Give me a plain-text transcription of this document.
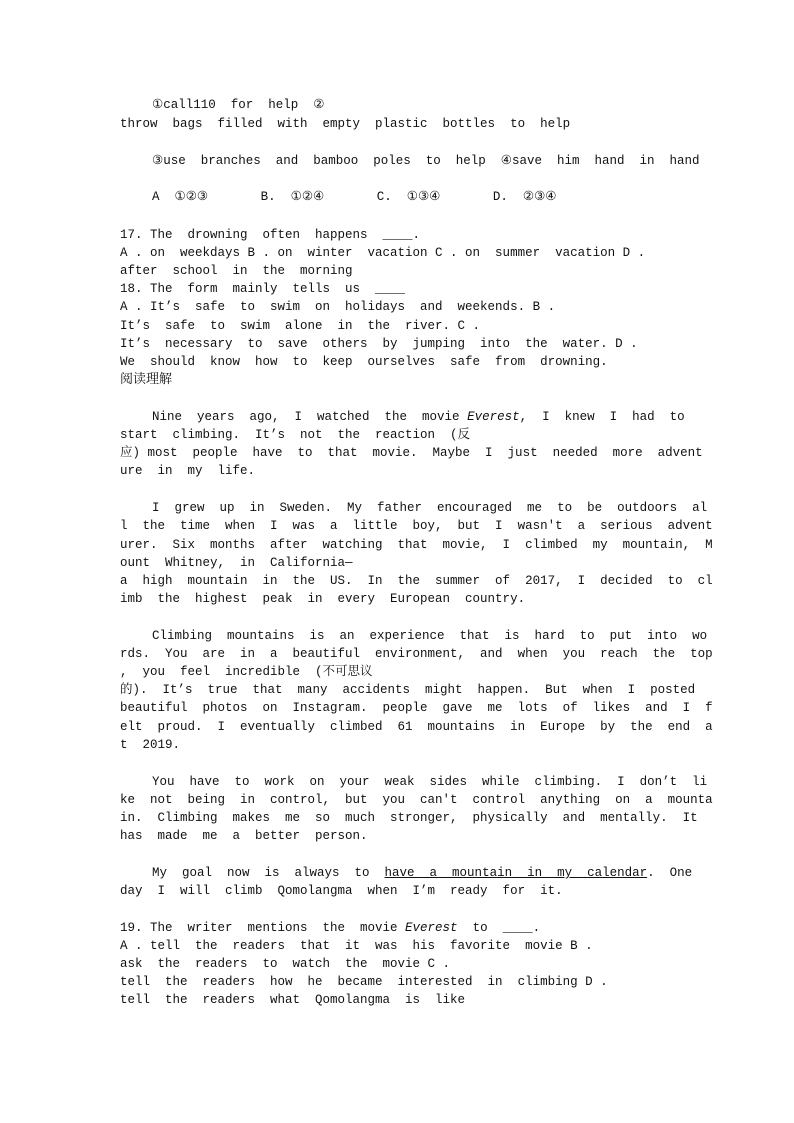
①call110  for  help  ②
throw  bags  filled  with  empty  plastic  bottles  to  help
③use  branches  and  bamboo  poles  to  help  ④save  him  hand  in  hand
A  ①②③       B.  ①②④       C.  ①③④       D.  ②③④
17. The  drowning  often  happens  ____.
A . on  weekdays B . on  winter  vacation C . on  summer  vacation D .
after  school  in  the  morning
18. The  form  mainly  tells  us  ____
A . It’s  safe  to  swim  on  holidays  and  weekends. B .
It’s  safe  to  swim  alone  in  the  river. C .
It’s  necessary  to  save  others  by  jumping  into  the  water. D .
We  should  know  how  to  keep  ourselves  safe  from  drowning.
阅读理解
Nine  years  ago,  I  watched  the  movie Everest,  I  knew  I  had  to
start  climbing.  It’s  not  the  reaction  (反
应) most  people  have  to  that  movie.  Maybe  I  just  needed  more  advent
ure  in  my  life.
I  grew  up  in  Sweden.  My  father  encouraged  me  to  be  outdoors  al
l  the  time  when  I  was  a  little  boy,  but  I  wasn't  a  serious  advent
urer.  Six  months  after  watching  that  movie,  I  climbed  my  mountain,  M
ount  Whitney,  in  California—
a  high  mountain  in  the  US.  In  the  summer  of  2017,  I  decided  to  cl
imb  the  highest  peak  in  every  European  country.
Climbing  mountains  is  an  experience  that  is  hard  to  put  into  wo
rds.  You  are  in  a  beautiful  environment,  and  when  you  reach  the  top
,  you  feel  incredible  (不可思议
的).  It’s  true  that  many  accidents  might  happen.  But  when  I  posted
beautiful  photos  on  Instagram.  people  gave  me  lots  of  likes  and  I  f
elt  proud.  I  eventually  climbed  61  mountains  in  Europe  by  the  end  a
t  2019.
You  have  to  work  on  your  weak  sides  while  climbing.  I  don’t  li
ke  not  being  in  control,  but  you  can't  control  anything  on  a  mounta
in.  Climbing  makes  me  so  much  stronger,  physically  and  mentally.  It
has  made  me  a  better  person.
My  goal  now  is  always  to  have  a  mountain  in  my  calendar.  One
day  I  will  climb  Qomolangma  when  I’m  ready  for  it.
19. The  writer  mentions  the  movie Everest  to  ____.
A . tell  the  readers  that  it  was  his  favorite  movie B .
ask  the  readers  to  watch  the  movie C .
tell  the  readers  how  he  became  interested  in  climbing D .
tell  the  readers  what  Qomolangma  is  like
